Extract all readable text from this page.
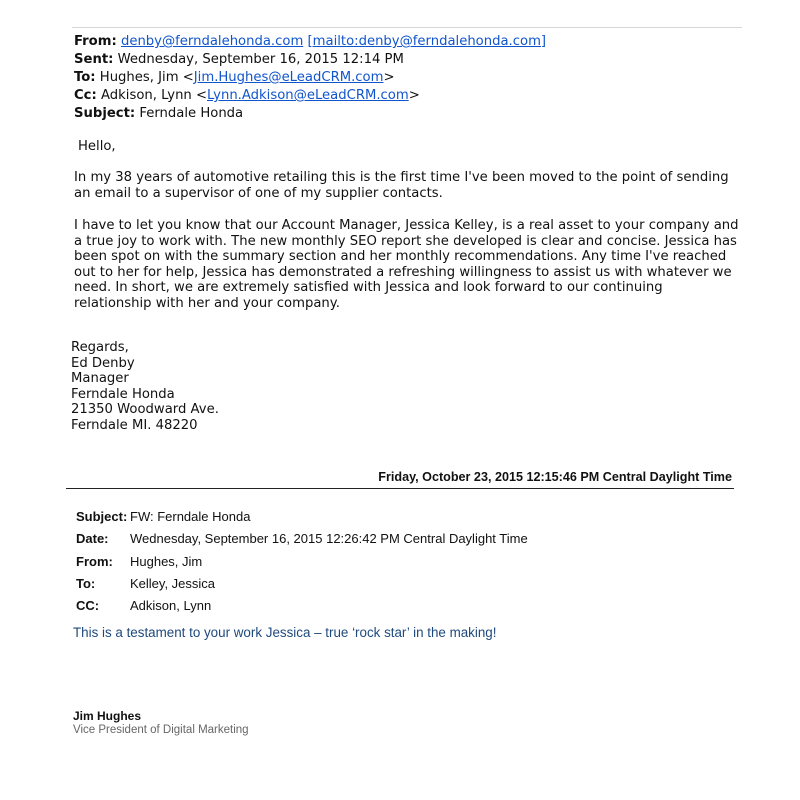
From: denby@ferndalehonda.com [mailto:denby@ferndalehonda.com]
Sent: Wednesday, September 16, 2015 12:14 PM
To: Hughes, Jim <Jim.Hughes@eLeadCRM.com>
Cc: Adkison, Lynn <Lynn.Adkison@eLeadCRM.com>
Subject: Ferndale Honda
Hello,
In my 38 years of automotive retailing this is the first time I've been moved to the point of sending an email to a supervisor of one of my supplier contacts.
I have to let you know that our Account Manager, Jessica Kelley, is a real asset to your company and a true joy to work with. The new monthly SEO report she developed is clear and concise. Jessica has been spot on with the summary section and her monthly recommendations. Any time I've reached out to her for help, Jessica has demonstrated a refreshing willingness to assist us with whatever we need. In short, we are extremely satisfied with Jessica and look forward to our continuing relationship with her and your company.
Regards,
Ed Denby
Manager
Ferndale Honda
21350 Woodward Ave.
Ferndale MI. 48220
Friday, October 23, 2015 12:15:46 PM Central Daylight Time
Subject: FW: Ferndale Honda
Date: Wednesday, September 16, 2015 12:26:42 PM Central Daylight Time
From: Hughes, Jim
To:	Kelley, Jessica
CC: Adkison, Lynn
This is a testament to your work Jessica – true ‘rock star’ in the making!
Jim Hughes
Vice President of Digital Marketing
